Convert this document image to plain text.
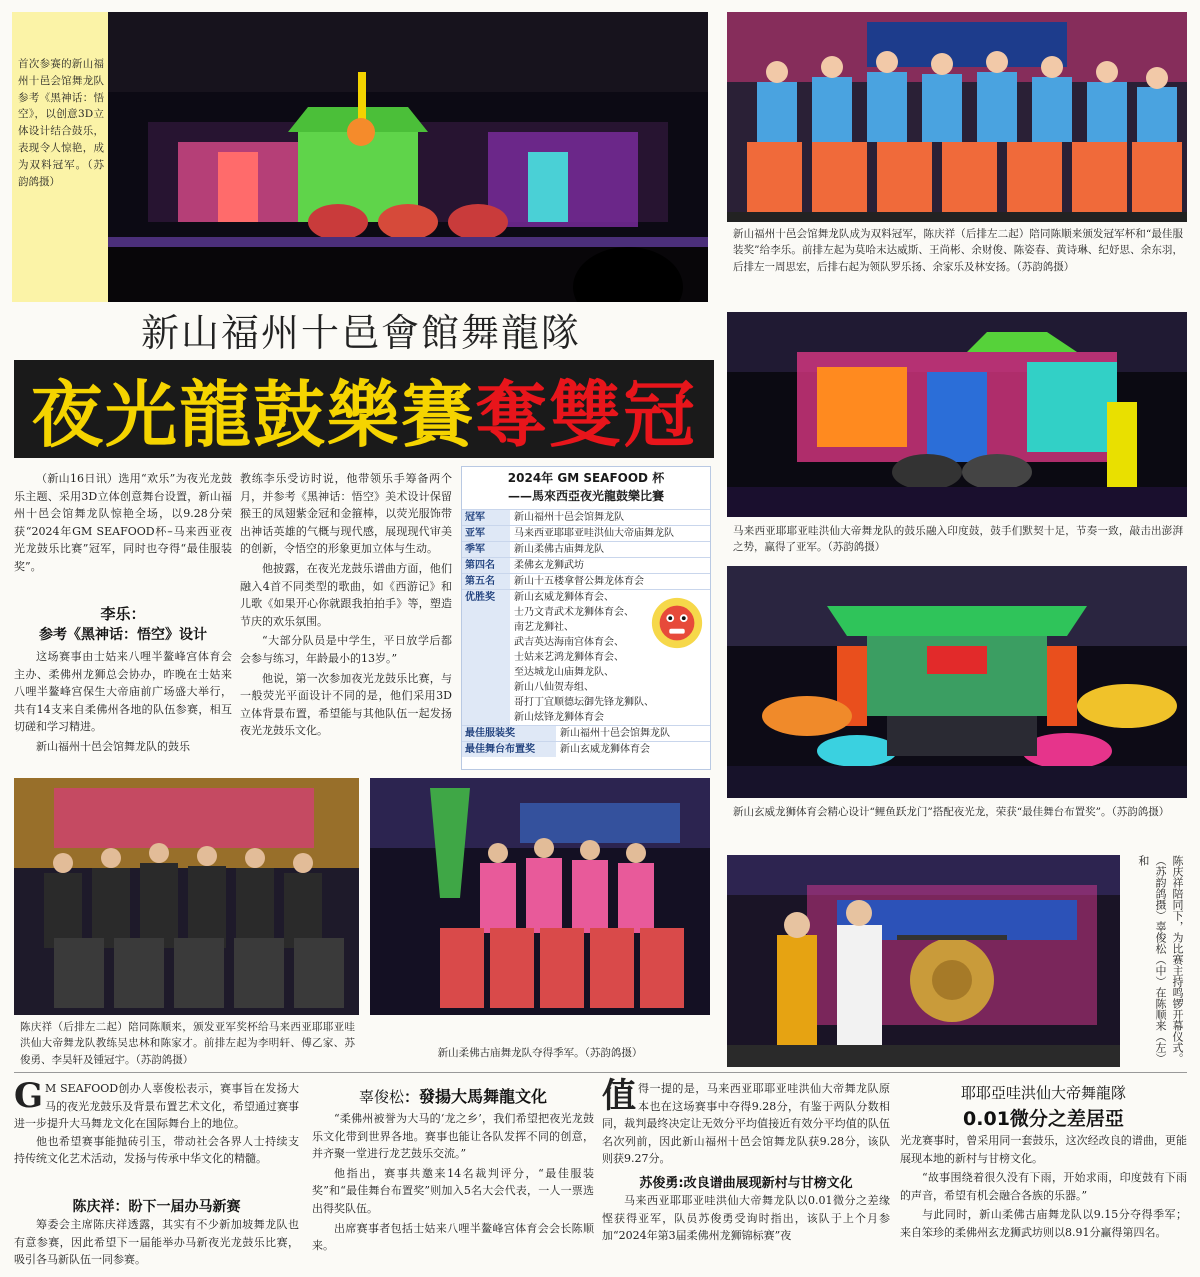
首次参赛的新山福州十邑会馆舞龙队参考《黑神话：悟空》，以创意3D立体设计结合鼓乐，表现令人惊艳，成为双料冠军。（苏韵鸽摄）
新山福州十邑会馆舞龙队成为双料冠军，陈庆祥（后排左二起）陪同陈顺来颁发冠军杯和“最佳服装奖”给李乐。前排左起为莫哈末达威斯、王尚彬、余财俊、陈姿春、黄诗琳、纪妤思、余东羽，后排左一周思宏，后排右起为领队罗乐扬、余家乐及林安扬。（苏韵鸽摄）
新山福州十邑會館舞龍隊
夜光龍鼓樂賽 奪雙冠
马来西亚耶耶亚哇洪仙大帝舞龙队的鼓乐融入印度鼓，鼓手们默契十足，节奏一致，敲击出澎湃之势，赢得了亚军。（苏韵鸽摄）
新山玄威龙狮体育会精心设计“鲤鱼跃龙门”搭配夜光龙，荣获“最佳舞台布置奖”。（苏韵鸽摄）
陈庆祥陪同下，为比赛主持鸣锣开幕仪式。（苏韵鸽摄）辜俊松（中）在陈顺来（左）和

（新山16日讯）选用“欢乐”为夜光龙鼓乐主题、采用3D立体创意舞台设置，新山福州十邑会馆舞龙队惊艳全场，以9.28分荣获“2024年GM SEAFOOD杯–马来西亚夜光龙鼓乐比赛”冠军，同时也夺得“最佳服装奖”。

李乐：
参考《黑神话：悟空》设计

这场赛事由士姑来八哩半鳌峰宫体育会主办、柔佛州龙狮总会协办，昨晚在士姑来八哩半鳌峰宫保生大帝庙前广场盛大举行，共有14支来自柔佛州各地的队伍参赛，相互切磋和学习精进。

新山福州十邑会馆舞龙队的鼓乐

教练李乐受访时说，他带领乐手筹备两个月，并参考《黑神话：悟空》美术设计保留猴王的凤翅紫金冠和金箍棒，以荧光服饰带出神话英雄的气概与现代感，展现现代审美的创新，令悟空的形象更加立体与生动。

他披露，在夜光龙鼓乐谱曲方面，他们融入4首不同类型的歌曲，如《西游记》和儿歌《如果开心你就跟我拍拍手》等，塑造节庆的欢乐氛围。

“大部分队员是中学生，平日放学后都会参与练习，年龄最小的13岁。”

他说，第一次参加夜光龙鼓乐比赛，与一般荧光平面设计不同的是，他们采用3D立体背景布置，希望能与其他队伍一起发扬夜光龙鼓乐文化。

2024年 GM SEAFOOD 杯
——馬來西亞夜光龍鼓樂比賽
冠军	新山福州十邑会馆舞龙队
亚军	马来西亚耶耶亚哇洪仙大帝庙舞龙队
季军	新山柔佛古庙舞龙队
第四名	柔佛玄龙狮武坊
第五名	新山十五楼拿督公舞龙体育会
优胜奖	新山玄威龙狮体育会、
士乃文青武术龙狮体育会、
南艺龙狮社、
武吉英达海南宫体育会、
士姑来艺鸿龙狮体育会、
至达城龙山庙舞龙队、
新山八仙贺寿组、
哥打丁宜顺德坛御先锋龙狮队、
新山炫锋龙狮体育会
最佳服装奖	新山福州十邑会馆舞龙队
最佳舞台布置奖	新山玄威龙狮体育会
陈庆祥（后排左二起）陪同陈顺来，颁发亚军奖杯给马来西亚耶耶亚哇洪仙大帝舞龙队教练吴忠林和陈家才。前排左起为李明轩、傅乙家、苏俊勇、李昊轩及锺冠宇。（苏韵鸽摄）
新山柔佛古庙舞龙队夺得季军。（苏韵鸽摄）
G M SEAFOOD创办人辜俊松表示，赛事旨在发扬大马的夜光龙鼓乐及背景布置艺术文化，希望通过赛事进一步提升大马舞龙文化在国际舞台上的地位。

他也希望赛事能抛砖引玉，带动社会各界人士持续支持传统文化艺术活动，发扬与传承中华文化的精髓。

陈庆祥：盼下一届办马新赛

筹委会主席陈庆祥透露，其实有不少新加坡舞龙队也有意参赛，因此希望下一届能举办马新夜光龙鼓乐比赛，吸引各马新队伍一同参赛。

辜俊松：發揚大馬舞龍文化

“柔佛州被誉为大马的‘龙之乡’，我们希望把夜光龙鼓乐文化带到世界各地。赛事也能让各队发挥不同的创意，并齐聚一堂进行龙艺鼓乐交流。”

他指出，赛事共邀来14名裁判评分，“最佳服装奖”和“最佳舞台布置奖”则加入5名大会代表，一人一票选出得奖队伍。

出席赛事者包括士姑来八哩半鳌峰宫体育会会长陈顺来。

值 得一提的是，马来西亚耶耶亚哇洪仙大帝舞龙队原本也在这场赛事中夺得9.28分，有鉴于两队分数相同，裁判最终决定让无效分平均值接近有效分平均值的队伍名次列前，因此新山福州十邑会馆舞龙队获9.28分，该队则获9.27分。
苏俊勇:改良谱曲展现新村与甘榜文化

马来西亚耶耶亚哇洪仙大帝舞龙队以0.01微分之差缘悭获得亚军，队员苏俊勇受询时指出，该队于上个月参加“2024年第3届柔佛州龙狮锦标赛”夜

耶耶亞哇洪仙大帝舞龍隊
0.01微分之差居亞

光龙赛事时，曾采用同一套鼓乐，这次经改良的谱曲，更能展现本地的新村与甘榜文化。

“故事围绕着很久没有下雨，开始求雨，印度鼓有下雨的声音，希望有机会融合各族的乐器。”

与此同时，新山柔佛古庙舞龙队以9.15分夺得季军；来自笨珍的柔佛州玄龙狮武坊则以8.91分赢得第四名。
